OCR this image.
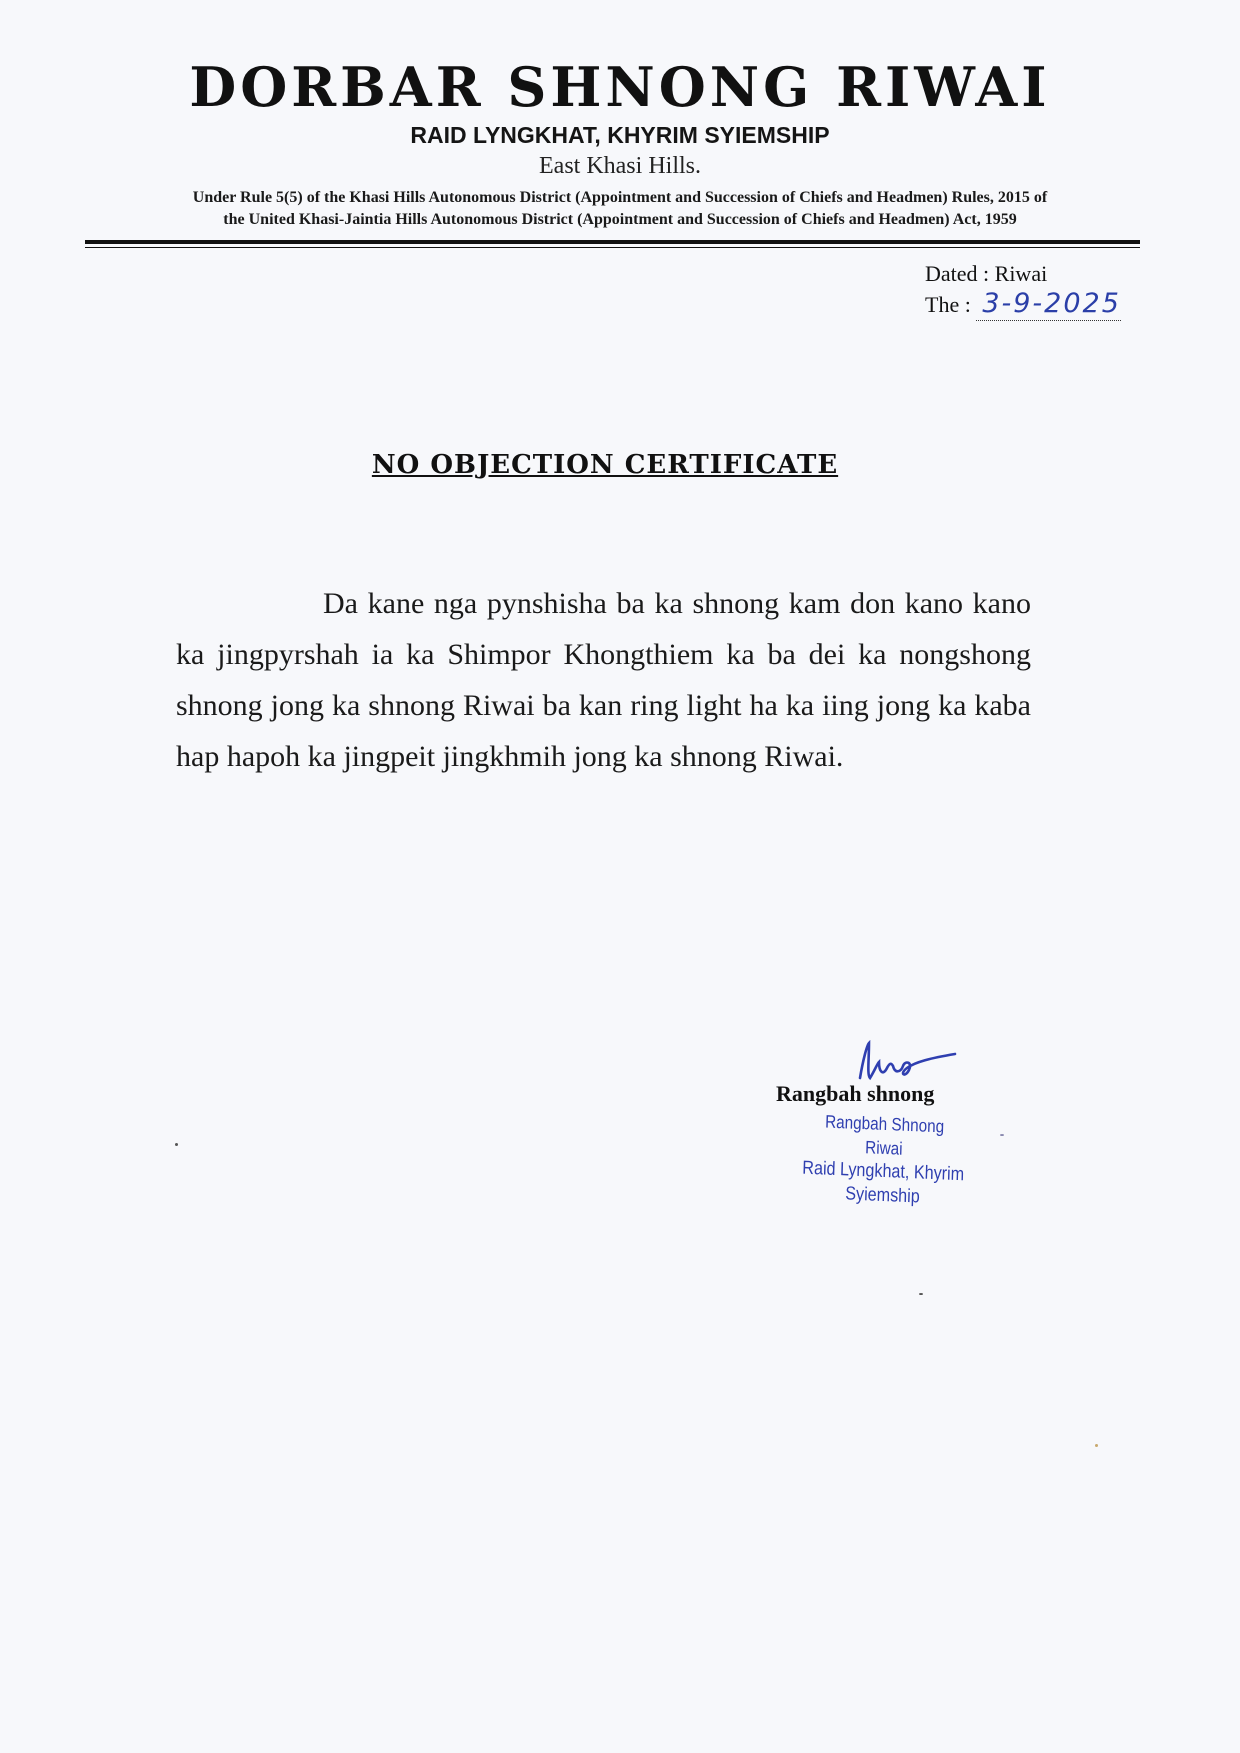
DORBAR SHNONG RIWAI
RAID LYNGKHAT, KHYRIM SYIEMSHIP
East Khasi Hills.
Under Rule 5(5) of the Khasi Hills Autonomous District (Appointment and Succession of Chiefs and Headmen) Rules, 2015 of
the United Khasi-Jaintia Hills Autonomous District (Appointment and Succession of Chiefs and Headmen) Act, 1959
Dated : Riwai
The : 3-9-2025
NO OBJECTION CERTIFICATE
Da kane nga pynshisha ba ka shnong kam don kano kano ka jingpyrshah ia ka Shimpor Khongthiem ka ba dei ka nongshong shnong jong ka shnong Riwai ba kan ring light ha ka iing jong ka kaba hap hapoh ka jingpeit jingkhmih jong ka shnong Riwai.
Rangbah shnong
Rangbah Shnong
Riwai
Raid Lyngkhat, Khyrim Syiemship
